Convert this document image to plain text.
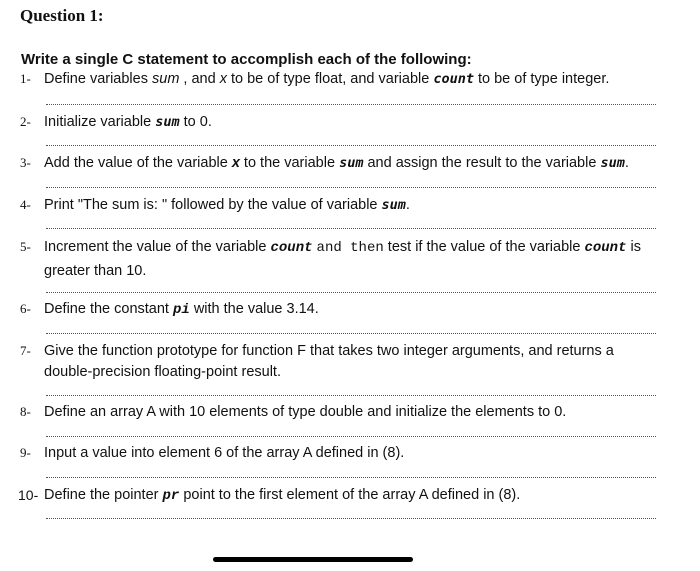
Question 1:

Write a single C statement to accomplish each of the following:

1- Define variables sum , and x to be of type float, and variable count to be of type integer.
2- Initialize variable sum to 0.
3- Add the value of the variable x to the variable sum and assign the result to the variable sum.
4- Print "The sum is: " followed by the value of variable sum.
5- Increment the value of the variable count and then test if the value of the variable count is
greater than 10.
6- Define the constant pi with the value 3.14.
7- Give the function prototype for function F that takes two integer arguments, and returns a
double-precision floating-point result.
8- Define an array A with 10 elements of type double and initialize the elements to 0.
9- Input a value into element 6 of the array A defined in (8).
10- Define the pointer pr point to the first element of the array A defined in (8).
